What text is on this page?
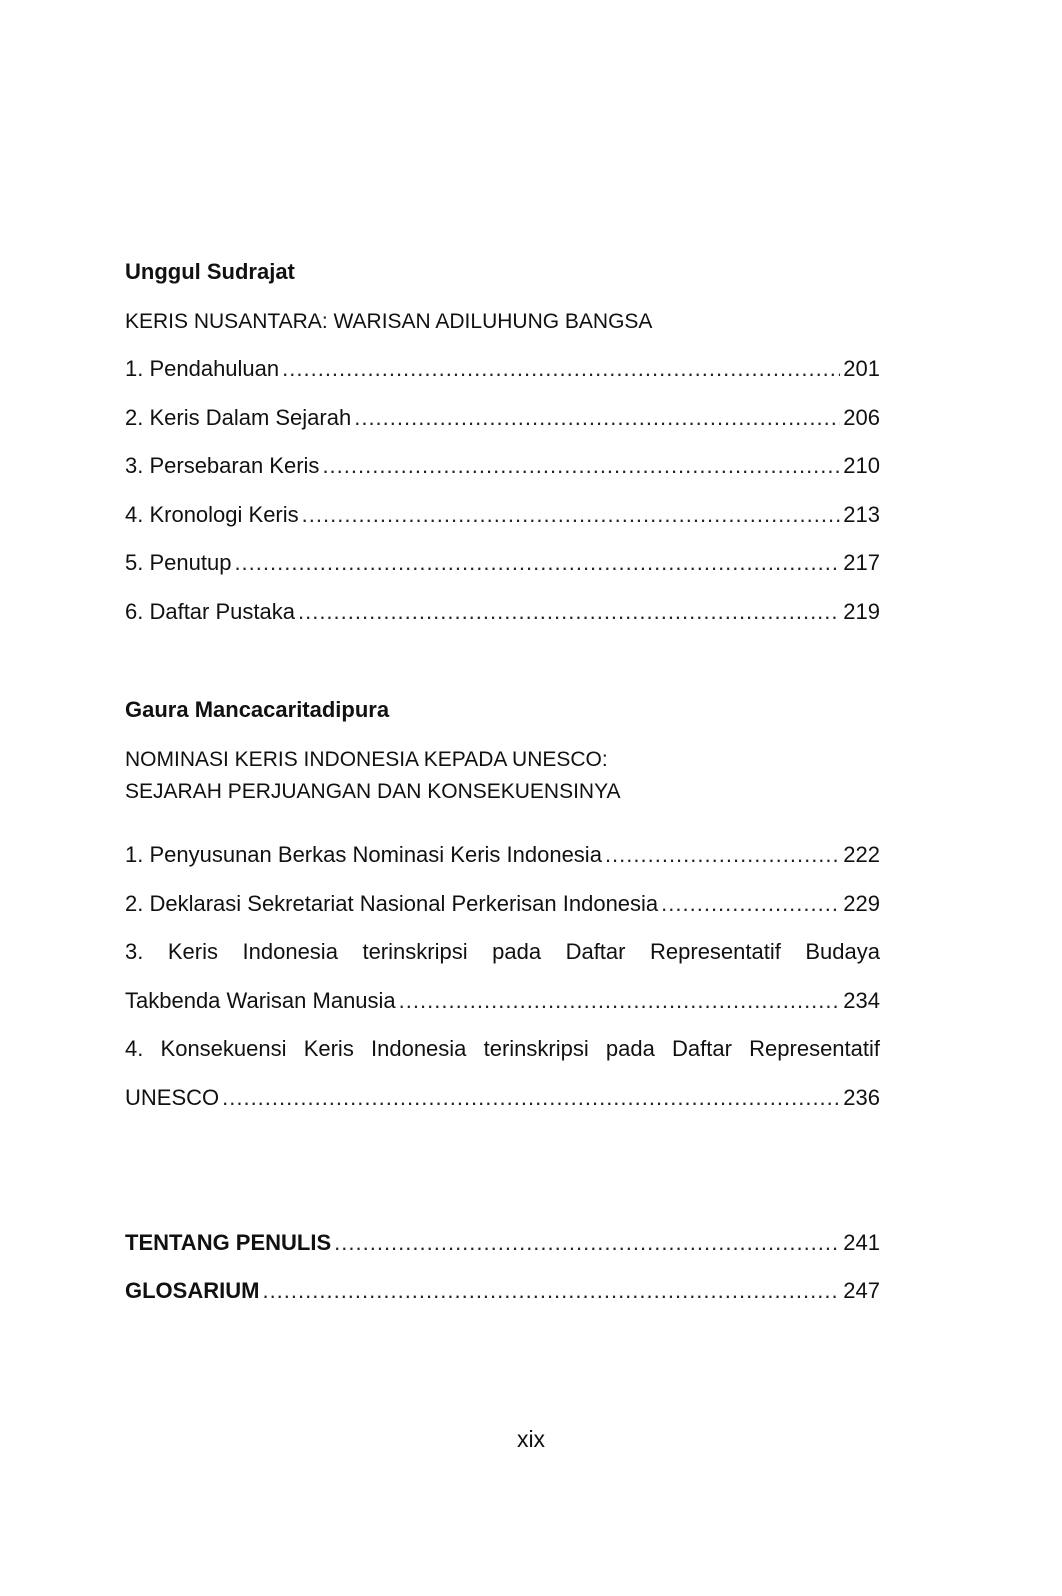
Unggul Sudrajat
KERIS NUSANTARA: WARISAN ADILUHUNG BANGSA
1. Pendahuluan .....	201
2. Keris Dalam Sejarah .....	206
3. Persebaran Keris .....	210
4. Kronologi Keris .....	213
5. Penutup .....	217
6. Daftar Pustaka .....	219
Gaura Mancacaritadipura
NOMINASI KERIS INDONESIA KEPADA UNESCO:
SEJARAH PERJUANGAN DAN KONSEKUENSINYA
1. Penyusunan Berkas Nominasi Keris Indonesia .....	222
2. Deklarasi Sekretariat Nasional Perkerisan Indonesia .....	229
3. Keris Indonesia terinskripsi pada Daftar Representatif Budaya
Takbenda Warisan Manusia .....	234
4. Konsekuensi Keris Indonesia terinskripsi pada Daftar Representatif
UNESCO .....	236
TENTANG PENULIS .....	241
GLOSARIUM .....	247
xix
